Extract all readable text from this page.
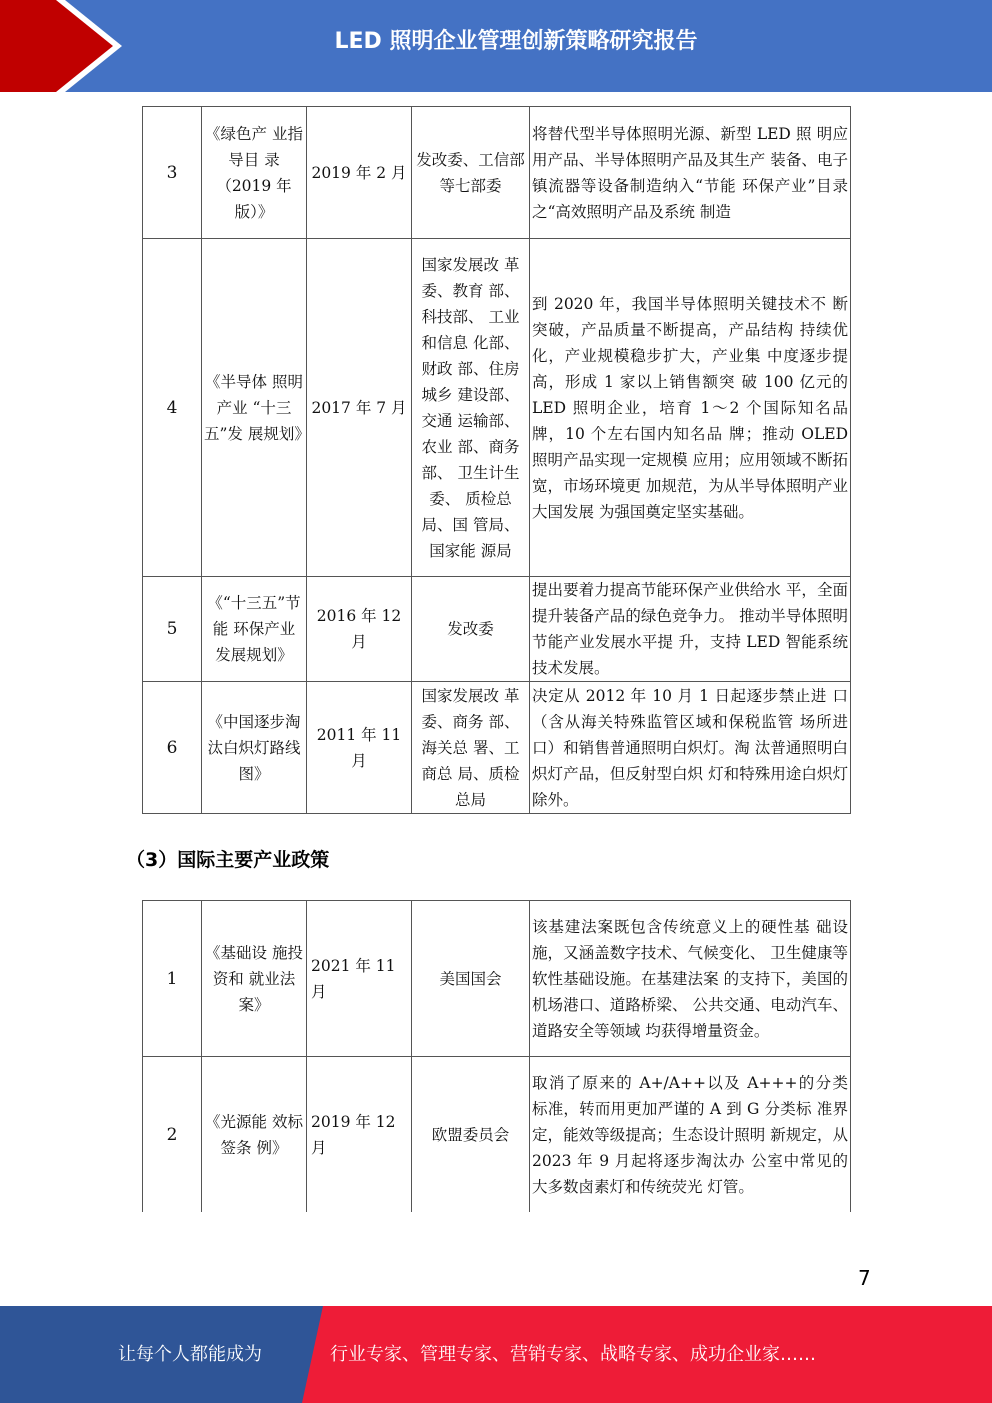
LED 照明企业管理创新策略研究报告
3	《绿色产 业指导目 录（2019 年版）》	2019 年 2 月	发改委、工信部等七部委	将替代型半导体照明光源、新型 LED 照 明应用产品、半导体照明产品及其生产 装备、电子镇流器等设备制造纳入“节能 环保产业”目录之“高效照明产品及系统 制造
4	《半导体 照明产业 “十三五”发 展规划》	2017 年 7 月	国家发展改 革委、教育 部、科技部、 工业和信息 化部、财政 部、住房城乡 建设部、交通 运输部、农业 部、商务部、 卫生计生 委、 质检总局、国 管局、国家能 源局	到 2020 年，我国半导体照明关键技术不 断突破，产品质量不断提高，产品结构 持续优化，产业规模稳步扩大，产业集 中度逐步提高，形成 1 家以上销售额突 破 100 亿元的 LED 照明企业，培育 1～2 个国际知名品牌，10 个左右国内知名品 牌；推动 OLED 照明产品实现一定规模 应用；应用领域不断拓宽，市场环境更 加规范，为从半导体照明产业大国发展 为强国奠定坚实基础。
5	《“十三五”节能 环保产业 发展规划》	2016 年 12 月	发改委	提出要着力提高节能环保产业供给水 平，全面提升装备产品的绿色竞争力。 推动半导体照明节能产业发展水平提 升，支持 LED 智能系统技术发展。
6	《中国逐步淘汰白炽灯路线图》	2011 年 11 月	国家发展改 革委、商务 部、海关总 署、工商总 局、质检总局	决定从 2012 年 10 月 1 日起逐步禁止进 口（含从海关特殊监管区域和保税监管 场所进口）和销售普通照明白炽灯。淘 汰普通照明白炽灯产品，但反射型白炽 灯和特殊用途白炽灯除外。
（3）国际主要产业政策
1	《基础设 施投资和 就业法案》	2021 年 11 月	美国国会	该基建法案既包含传统意义上的硬性基 础设施，又涵盖数字技术、气候变化、 卫生健康等软性基础设施。在基建法案 的支持下，美国的机场港口、道路桥梁、 公共交通、电动汽车、道路安全等领域 均获得增量资金。
2	《光源能 效标签条 例》	2019 年 12 月	欧盟委员会	取消了原来的 A+/A++以及 A+++的分类 标准，转而用更加严谨的 A 到 G 分类标 准界定，能效等级提高；生态设计照明 新规定，从 2023 年 9 月起将逐步淘汰办 公室中常见的大多数卤素灯和传统荧光 灯管。
7
让每个人都能成为	行业专家、管理专家、营销专家、战略专家、成功企业家……
